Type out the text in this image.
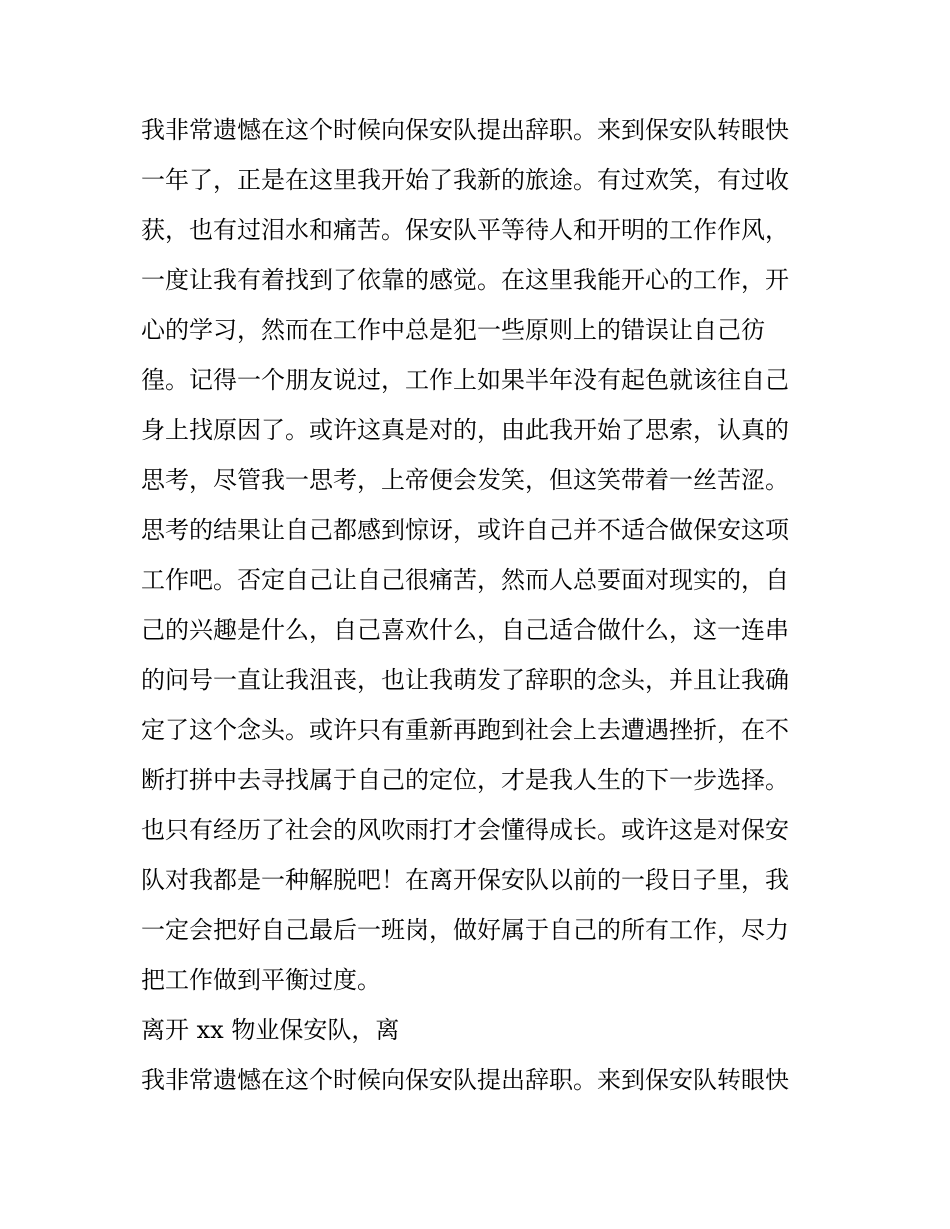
我非常遗憾在这个时候向保安队提出辞职。来到保安队转眼快
一年了，正是在这里我开始了我新的旅途。有过欢笑，有过收
获，也有过泪水和痛苦。保安队平等待人和开明的工作作风，
一度让我有着找到了依靠的感觉。在这里我能开心的工作，开
心的学习，然而在工作中总是犯一些原则上的错误让自己彷
徨。记得一个朋友说过，工作上如果半年没有起色就该往自己
身上找原因了。或许这真是对的，由此我开始了思索，认真的
思考，尽管我一思考，上帝便会发笑，但这笑带着一丝苦涩。
思考的结果让自己都感到惊讶，或许自己并不适合做保安这项
工作吧。否定自己让自己很痛苦，然而人总要面对现实的，自
己的兴趣是什么，自己喜欢什么，自己适合做什么，这一连串
的问号一直让我沮丧，也让我萌发了辞职的念头，并且让我确
定了这个念头。或许只有重新再跑到社会上去遭遇挫折，在不
断打拼中去寻找属于自己的定位，才是我人生的下一步选择。
也只有经历了社会的风吹雨打才会懂得成长。或许这是对保安
队对我都是一种解脱吧！在离开保安队以前的一段日子里，我
一定会把好自己最后一班岗，做好属于自己的所有工作，尽力
把工作做到平衡过度。
离开 xx 物业保安队，离
我非常遗憾在这个时候向保安队提出辞职。来到保安队转眼快
